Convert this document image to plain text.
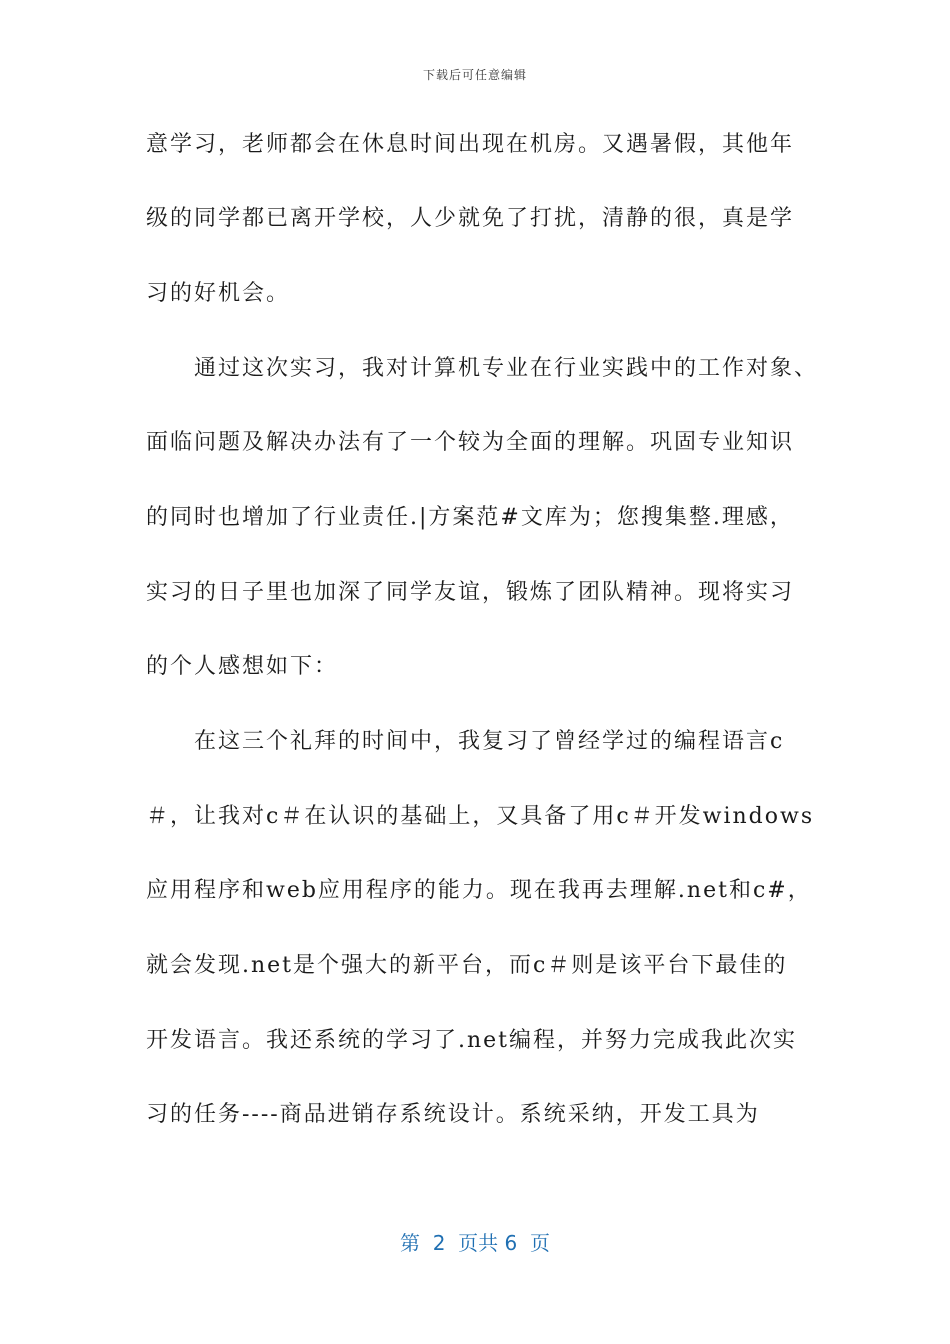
下载后可任意编辑
意学习，老师都会在休息时间出现在机房。又遇暑假，其他年
级的同学都已离开学校，人少就免了打扰，清静的很，真是学
习的好机会。
通过这次实习，我对计算机专业在行业实践中的工作对象、
面临问题及解决办法有了一个较为全面的理解。巩固专业知识
的同时也增加了行业责任.|方案范#文库为；您搜集整.理感，
实习的日子里也加深了同学友谊，锻炼了团队精神。现将实习
的个人感想如下：
在这三个礼拜的时间中，我复习了曾经学过的编程语言c
＃，让我对c＃在认识的基础上，又具备了用c＃开发windows
应用程序和web应用程序的能力。现在我再去理解.net和c#，
就会发现.net是个强大的新平台，而c＃则是该平台下最佳的
开发语言。我还系统的学习了.net编程，并努力完成我此次实
习的任务----商品进销存系统设计。系统采纳，开发工具为
第  2  页共 6  页
